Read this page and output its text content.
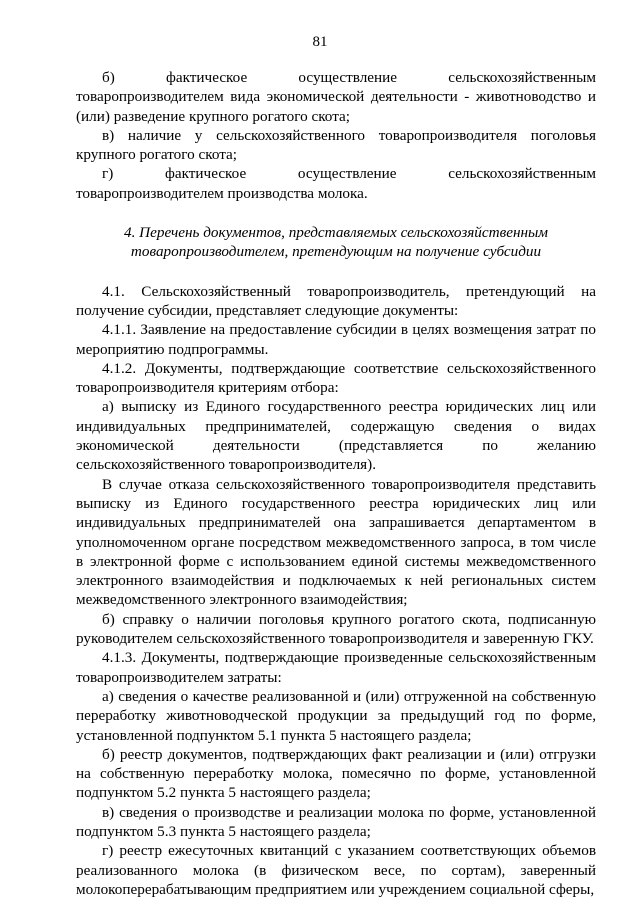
81

б) фактическое осуществление сельскохозяйственным товаропроизводителем вида экономической деятельности - животноводство и (или) разведение крупного рогатого скота;

в) наличие у сельскохозяйственного товаропроизводителя поголовья крупного рогатого скота;

г) фактическое осуществление сельскохозяйственным товаропроизводителем производства молока.

4. Перечень документов, представляемых сельскохозяйственным товаропроизводителем, претендующим на получение субсидии

4.1. Сельскохозяйственный товаропроизводитель, претендующий на получение субсидии, представляет следующие документы:

4.1.1. Заявление на предоставление субсидии в целях возмещения затрат по мероприятию подпрограммы.

4.1.2. Документы, подтверждающие соответствие сельскохозяйственного товаропроизводителя критериям отбора:

а) выписку из Единого государственного реестра юридических лиц или индивидуальных предпринимателей, содержащую сведения о видах экономической деятельности (представляется по желанию сельскохозяйственного товаропроизводителя).

В случае отказа сельскохозяйственного товаропроизводителя представить выписку из Единого государственного реестра юридических лиц или индивидуальных предпринимателей она запрашивается департаментом в уполномоченном органе посредством межведомственного запроса, в том числе в электронной форме с использованием единой системы межведомственного электронного взаимодействия и подключаемых к ней региональных систем межведомственного электронного взаимодействия;

б) справку о наличии поголовья крупного рогатого скота, подписанную руководителем сельскохозяйственного товаропроизводителя и заверенную ГКУ.

4.1.3. Документы, подтверждающие произведенные сельскохозяйственным товаропроизводителем затраты:

а) сведения о качестве реализованной и (или) отгруженной на собственную переработку животноводческой продукции за предыдущий год по форме, установленной подпунктом 5.1 пункта 5 настоящего раздела;

б) реестр документов, подтверждающих факт реализации и (или) отгрузки на собственную переработку молока, помесячно по форме, установленной подпунктом 5.2 пункта 5 настоящего раздела;

в) сведения о производстве и реализации молока по форме, установленной подпунктом 5.3 пункта 5 настоящего раздела;

г) реестр ежесуточных квитанций с указанием соответствующих объемов реализованного молока (в физическом весе, по сортам), заверенный молокоперерабатывающим предприятием или учреждением социальной сферы,
